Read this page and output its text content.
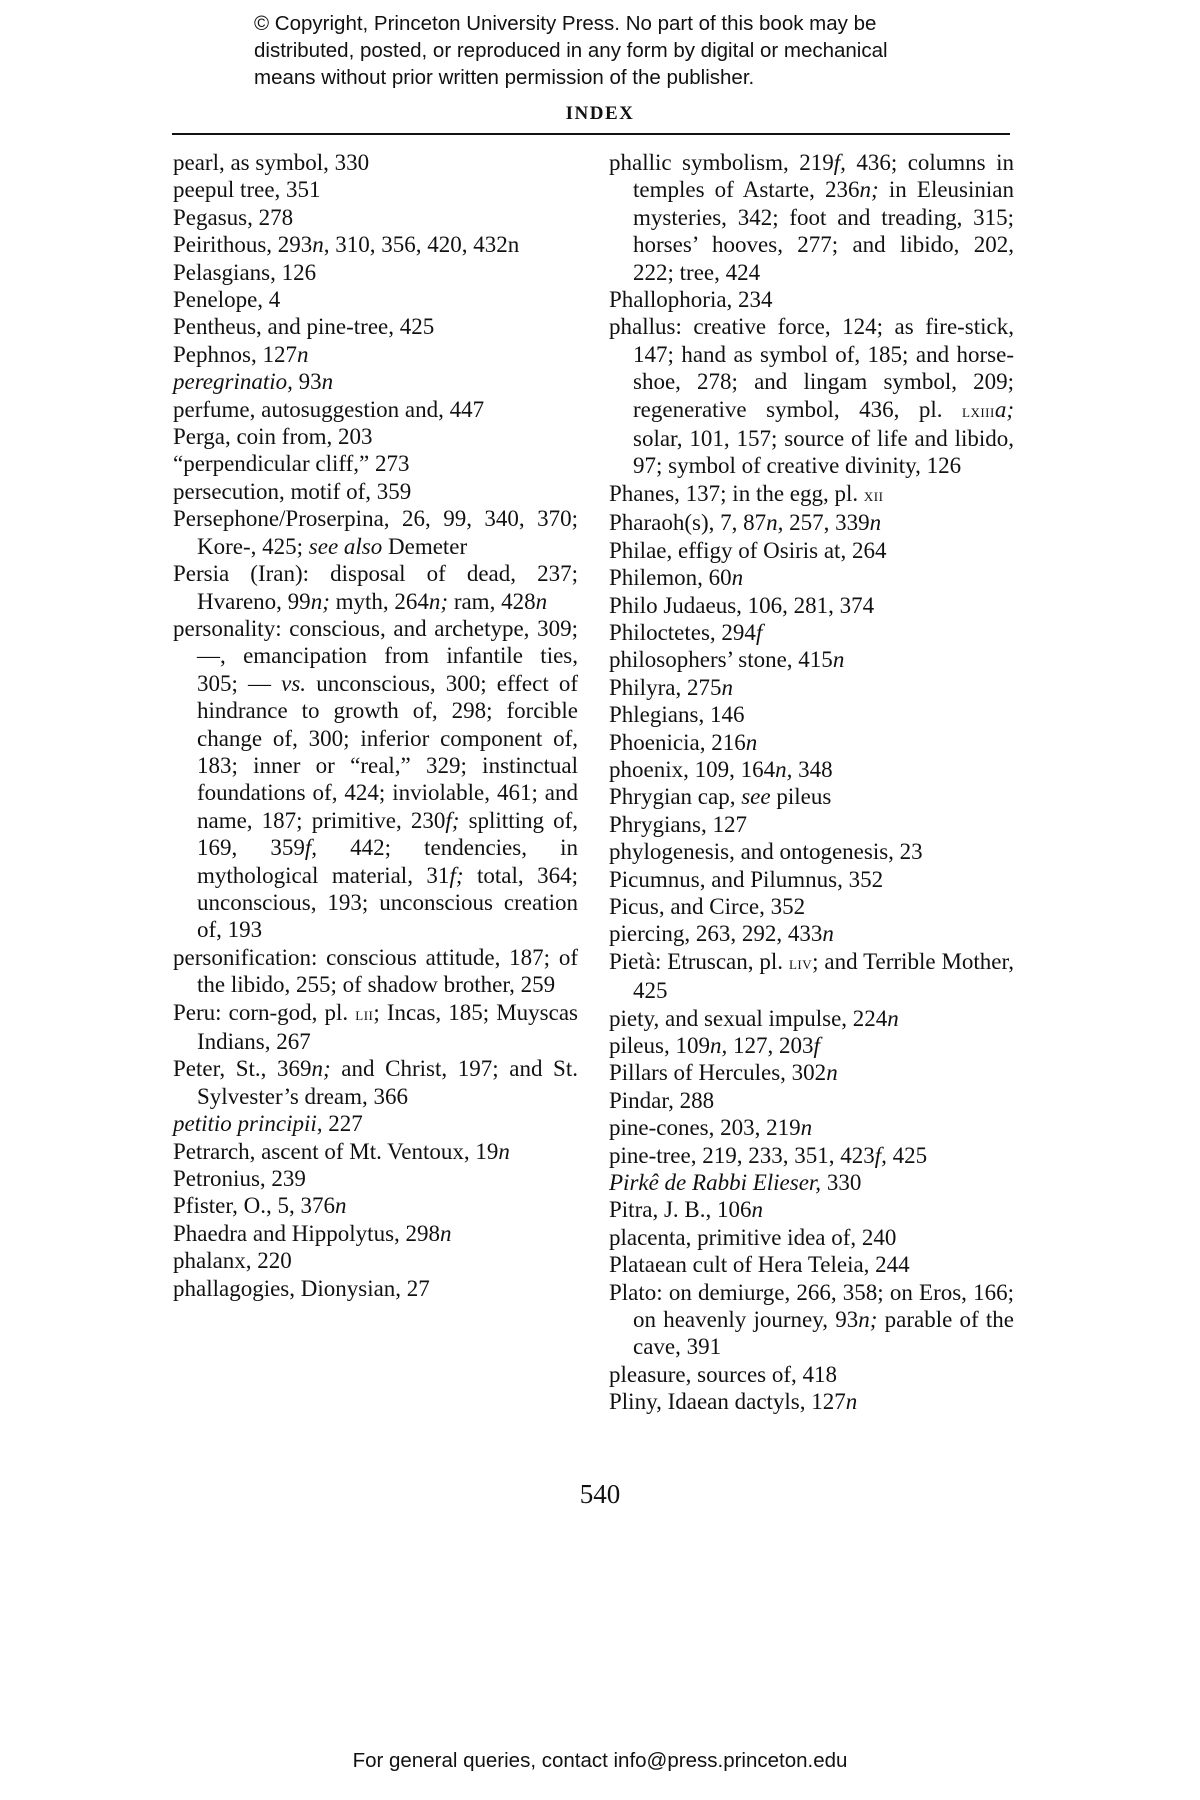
© Copyright, Princeton University Press. No part of this book may be
distributed, posted, or reproduced in any form by digital or mechanical
means without prior written permission of the publisher.
INDEX
pearl, as symbol, 330
peepul tree, 351
Pegasus, 278
Peirithous, 293n, 310, 356, 420, 432n
Pelasgians, 126
Penelope, 4
Pentheus, and pine-tree, 425
Pephnos, 127n
peregrinatio, 93n
perfume, autosuggestion and, 447
Perga, coin from, 203
“perpendicular cliff,” 273
persecution, motif of, 359
Persephone/Proserpina, 26, 99, 340, 370; Kore-, 425; see also Demeter
Persia (Iran): disposal of dead, 237; Hvareno, 99n; myth, 264n; ram, 428n
personality: conscious, and archetype, 309; —, emancipation from infantile ties, 305; — vs. unconscious, 300; effect of hindrance to growth of, 298; forcible change of, 300; inferior component of, 183; inner or “real,” 329; instinctual foundations of, 424; inviolable, 461; and name, 187; primitive, 230f; splitting of, 169, 359f, 442; tendencies, in mythological material, 31f; total, 364; unconscious, 193; unconscious creation of, 193
personification: conscious attitude, 187; of the libido, 255; of shadow brother, 259
Peru: corn-god, pl. lii; Incas, 185; Muyscas Indians, 267
Peter, St., 369n; and Christ, 197; and St. Sylvester’s dream, 366
petitio principii, 227
Petrarch, ascent of Mt. Ventoux, 19n
Petronius, 239
Pfister, O., 5, 376n
Phaedra and Hippolytus, 298n
phalanx, 220
phallagogies, Dionysian, 27
phallic symbolism, 219f, 436; columns in temples of Astarte, 236n; in Eleusinian mysteries, 342; foot and treading, 315; horses’ hooves, 277; and libido, 202, 222; tree, 424
Phallophoria, 234
phallus: creative force, 124; as fire-stick, 147; hand as symbol of, 185; and horse-shoe, 278; and lingam symbol, 209; regenerative symbol, 436, pl. lxiiia; solar, 101, 157; source of life and libido, 97; symbol of creative divinity, 126
Phanes, 137; in the egg, pl. xii
Pharaoh(s), 7, 87n, 257, 339n
Philae, effigy of Osiris at, 264
Philemon, 60n
Philo Judaeus, 106, 281, 374
Philoctetes, 294f
philosophers’ stone, 415n
Philyra, 275n
Phlegians, 146
Phoenicia, 216n
phoenix, 109, 164n, 348
Phrygian cap, see pileus
Phrygians, 127
phylogenesis, and ontogenesis, 23
Picumnus, and Pilumnus, 352
Picus, and Circe, 352
piercing, 263, 292, 433n
Pietà: Etruscan, pl. liv; and Terrible Mother, 425
piety, and sexual impulse, 224n
pileus, 109n, 127, 203f
Pillars of Hercules, 302n
Pindar, 288
pine-cones, 203, 219n
pine-tree, 219, 233, 351, 423f, 425
Pirkê de Rabbi Elieser, 330
Pitra, J. B., 106n
placenta, primitive idea of, 240
Plataean cult of Hera Teleia, 244
Plato: on demiurge, 266, 358; on Eros, 166; on heavenly journey, 93n; parable of the cave, 391
pleasure, sources of, 418
Pliny, Idaean dactyls, 127n
540
For general queries, contact info@press.princeton.edu
